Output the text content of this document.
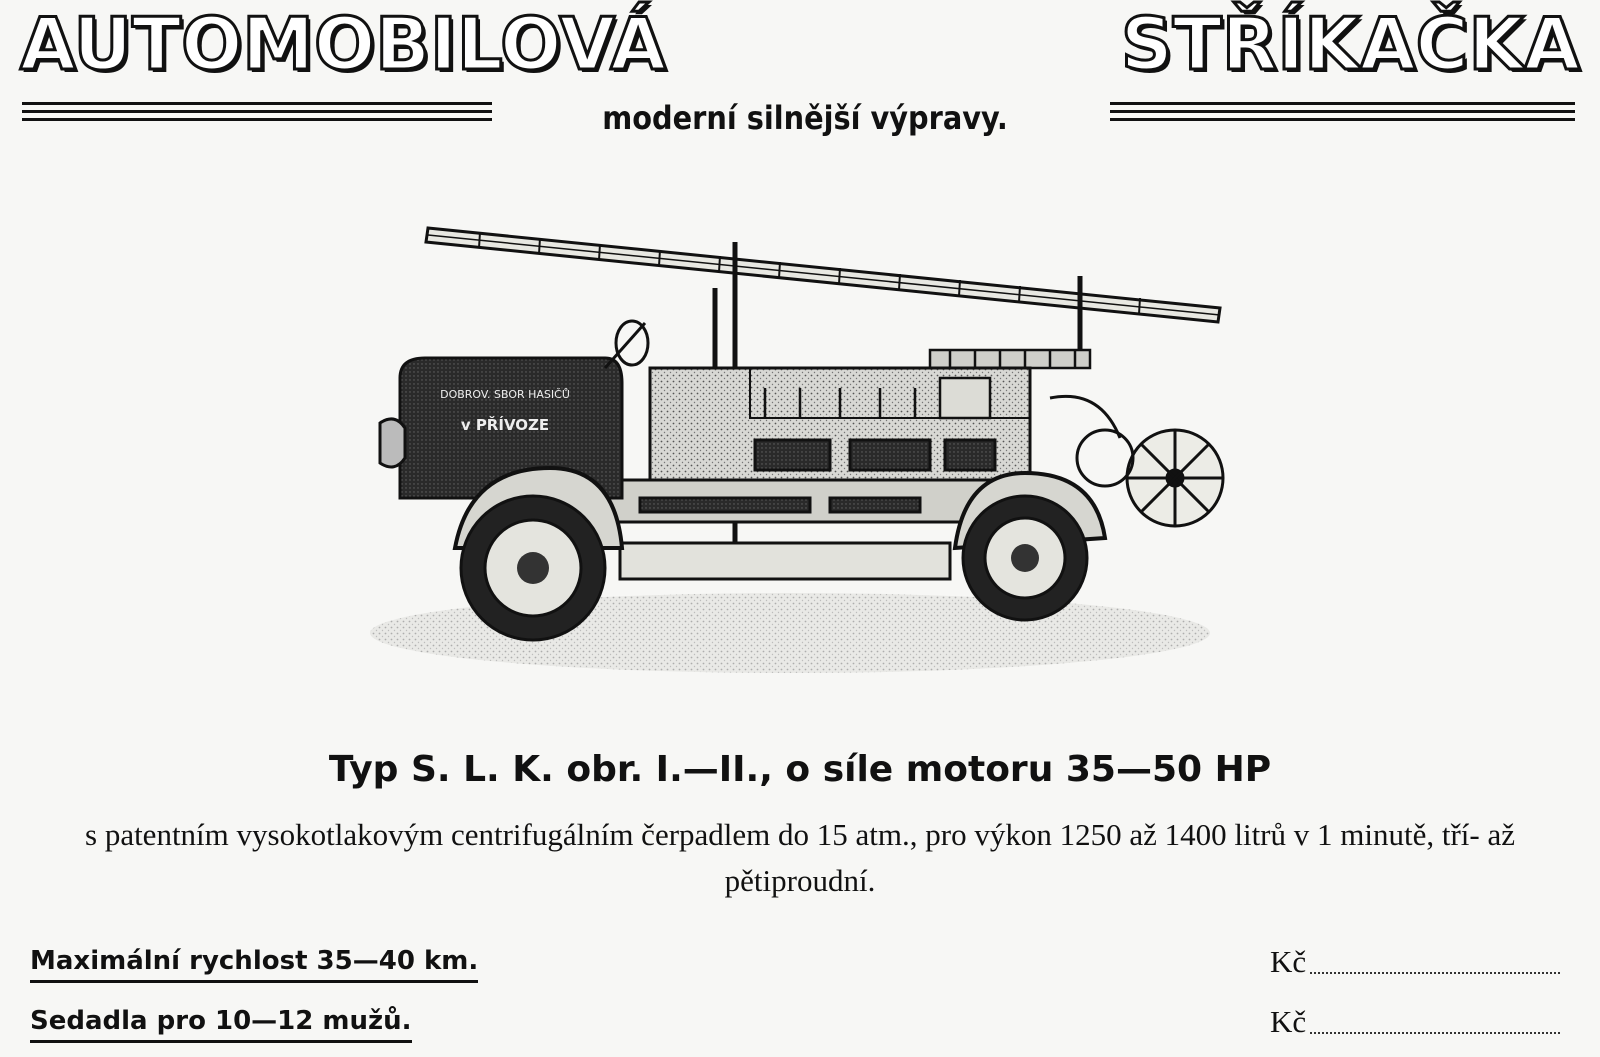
AUTOMOBILOVÁ	STŘÍKAČKA
moderní silnější výpravy.
DOBROV. SBOR HASIČŮ
v PŘÍVOZE
Typ S. L. K. obr. I.—II., o síle motoru 35—50 HP

s patentním vysokotlakovým centrifugálním čerpadlem do 15 atm., pro výkon 1250 až 1400 litrů v 1 minutě, tří- až pětiproudní.

Maximální rychlost 35—40 km.	Kč

Sedadla pro 10—12 mužů.	Kč
